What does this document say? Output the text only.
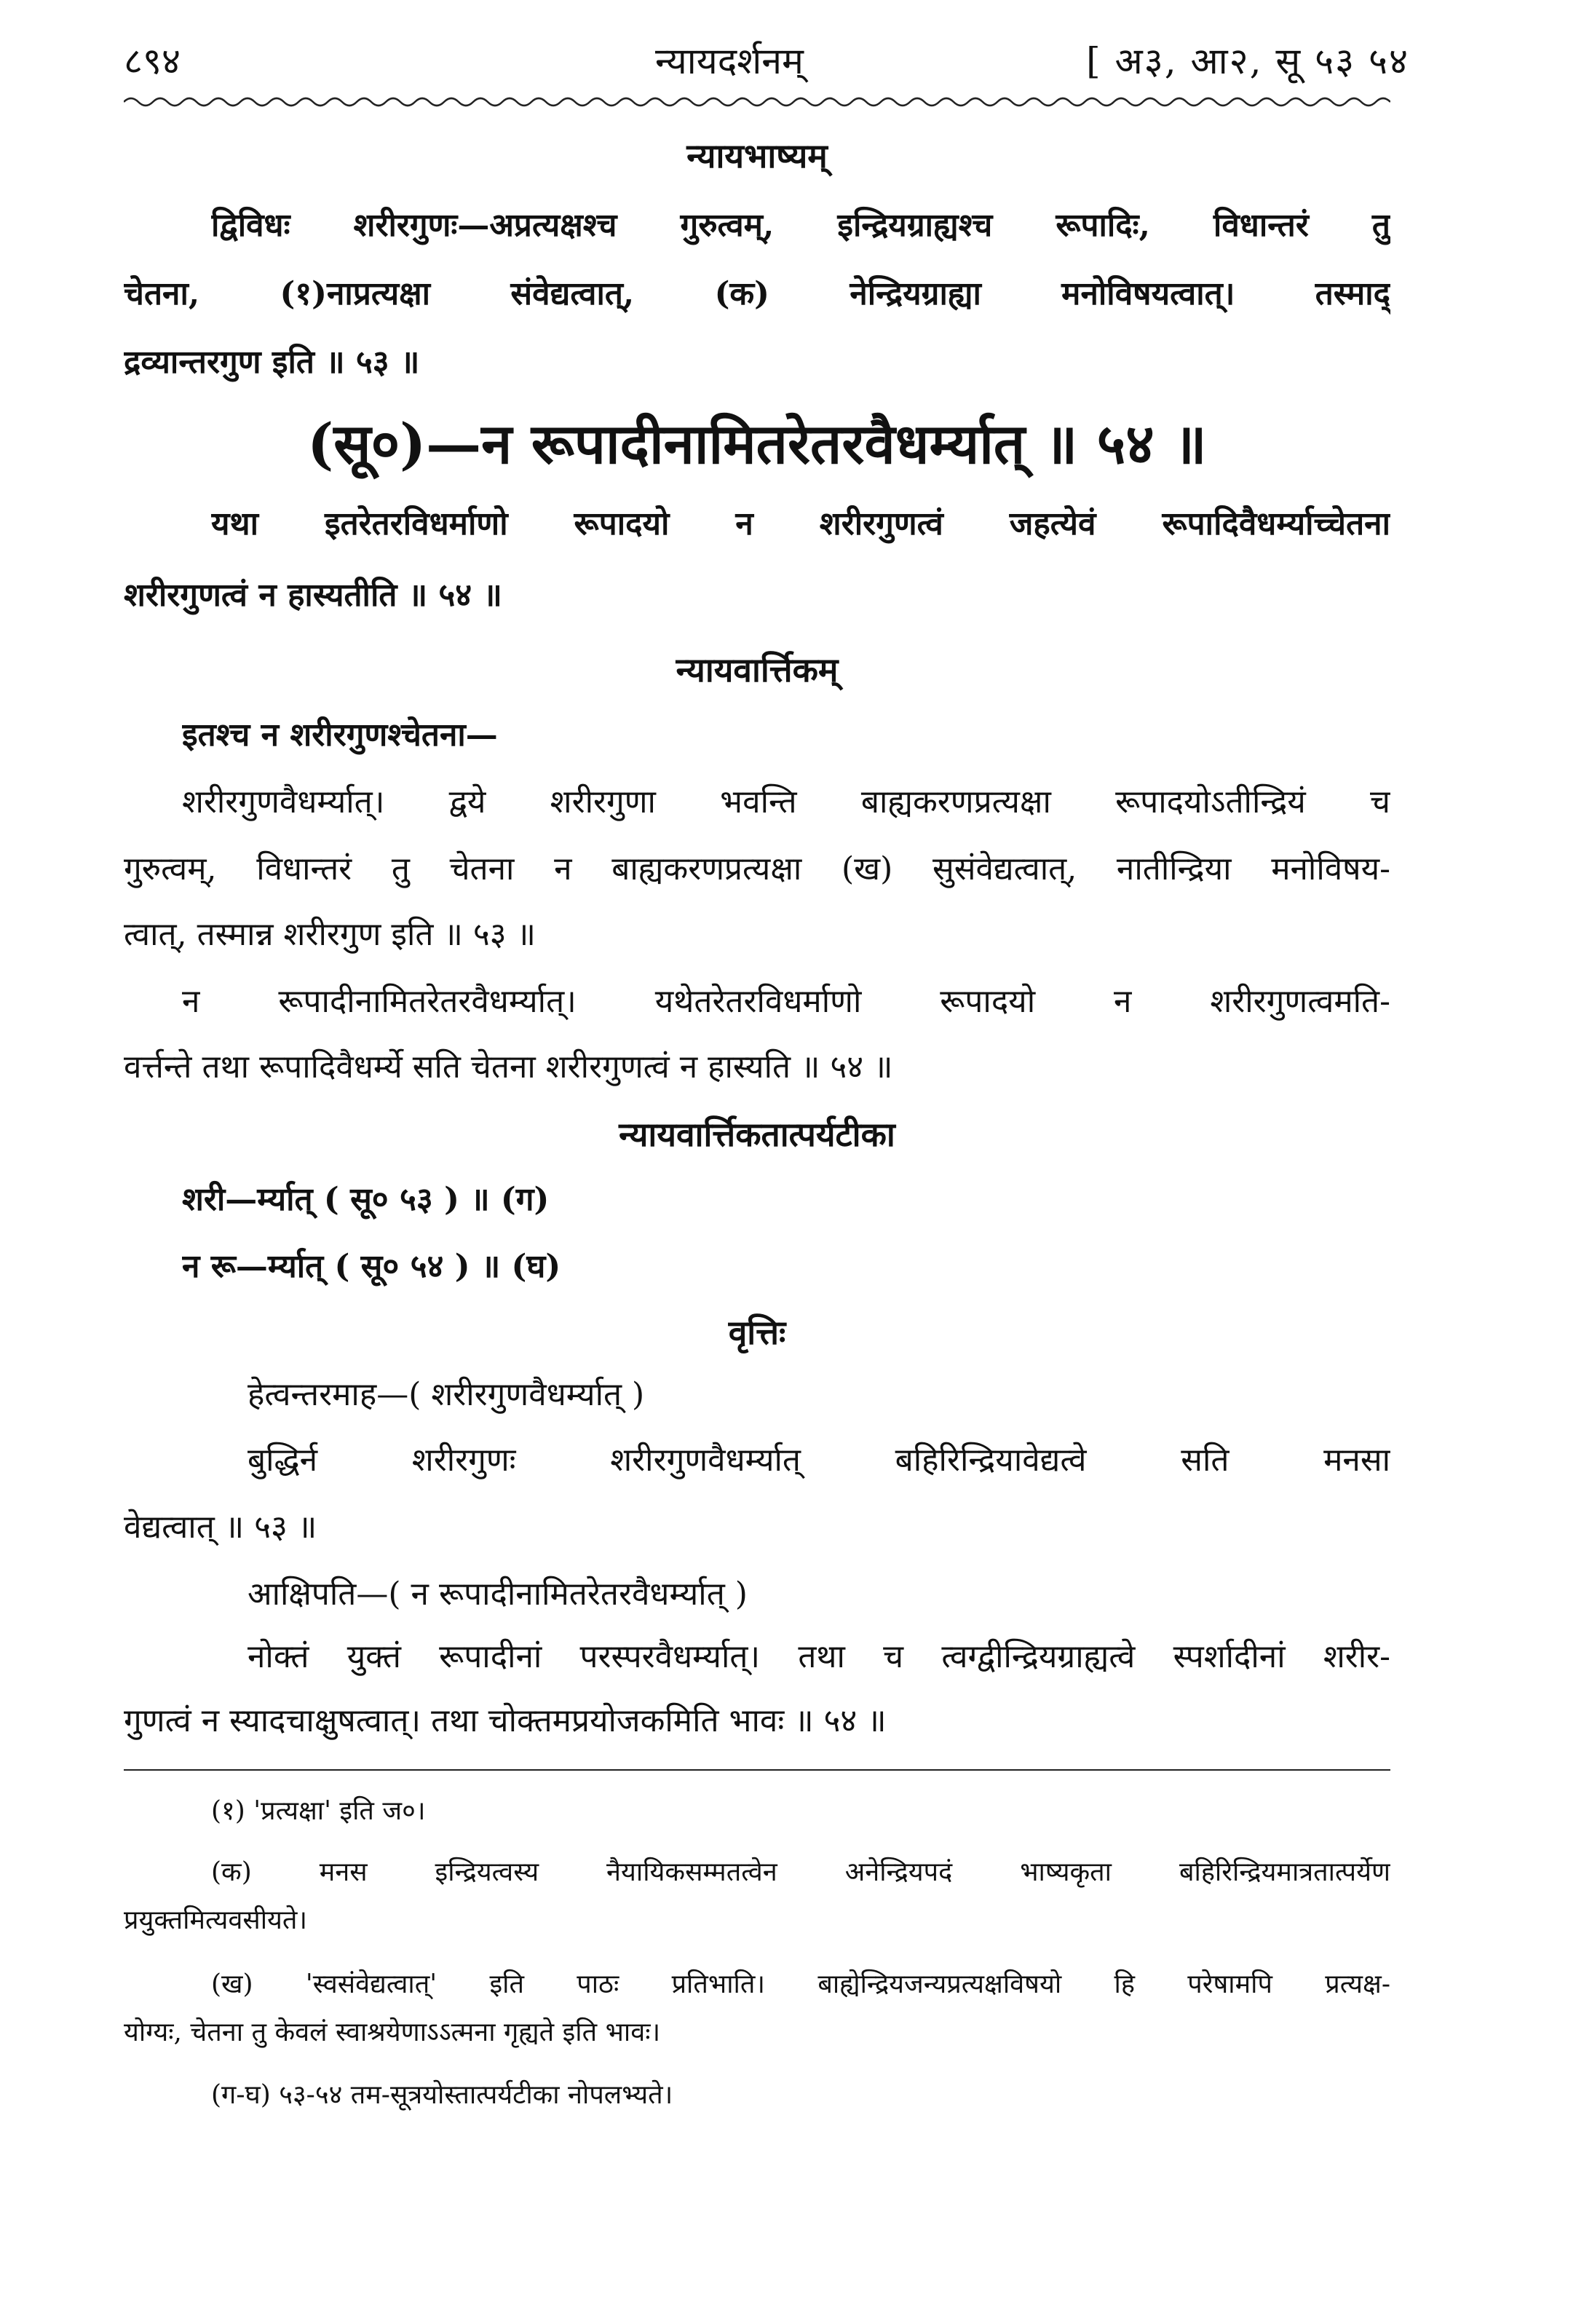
८९४	न्यायदर्शनम्	[ अ३, आ२, सू ५३ ५४
न्यायभाष्यम्
द्विविधः शरीरगुणः—अप्रत्यक्षश्च गुरुत्वम्, इन्द्रियग्राह्यश्च रूपादिः, विधान्तरं तु
चेतना, (१)नाप्रत्यक्षा संवेद्यत्वात्, (क) नेन्द्रियग्राह्या मनोविषयत्वात्। तस्माद्
द्रव्यान्तरगुण इति ॥ ५३ ॥
(सू०)—न रूपादीनामितरेतरवैधर्म्यात् ॥ ५४ ॥
यथा इतरेतरविधर्माणो रूपादयो न शरीरगुणत्वं जहत्येवं रूपादिवैधर्म्याच्चेतना
शरीरगुणत्वं न हास्यतीति ॥ ५४ ॥
न्यायवार्त्तिकम्
इतश्च न शरीरगुणश्चेतना—
शरीरगुणवैधर्म्यात्। द्वये शरीरगुणा भवन्ति बाह्यकरणप्रत्यक्षा रूपादयोऽतीन्द्रियं च
गुरुत्वम्, विधान्तरं तु चेतना न बाह्यकरणप्रत्यक्षा (ख) सुसंवेद्यत्वात्, नातीन्द्रिया मनोविषय-
त्वात्, तस्मान्न शरीरगुण इति ॥ ५३ ॥
न रूपादीनामितरेतरवैधर्म्यात्। यथेतरेतरविधर्माणो रूपादयो न शरीरगुणत्वमति-
वर्त्तन्ते तथा रूपादिवैधर्म्ये सति चेतना शरीरगुणत्वं न हास्यति ॥ ५४ ॥
न्यायवार्त्तिकतात्पर्यटीका
शरी—र्म्यात् ( सू० ५३ ) ॥ (ग)
न रू—र्म्यात् ( सू० ५४ ) ॥ (घ)
वृत्तिः
हेत्वन्तरमाह—( शरीरगुणवैधर्म्यात् )
बुद्धिर्न शरीरगुणः शरीरगुणवैधर्म्यात् बहिरिन्द्रियावेद्यत्वे सति मनसा
वेद्यत्वात् ॥ ५३ ॥
आक्षिपति—( न रूपादीनामितरेतरवैधर्म्यात् )
नोक्तं युक्तं रूपादीनां परस्परवैधर्म्यात्। तथा च त्वग्द्वीन्द्रियग्राह्यत्वे स्पर्शादीनां शरीर-
गुणत्वं न स्यादचाक्षुषत्वात्। तथा चोक्तमप्रयोजकमिति भावः ॥ ५४ ॥
(१) 'प्रत्यक्षा' इति ज०।
(क) मनस इन्द्रियत्वस्य नैयायिकसम्मतत्वेन अनेन्द्रियपदं भाष्यकृता बहिरिन्द्रियमात्रतात्पर्येण
प्रयुक्तमित्यवसीयते।
(ख) 'स्वसंवेद्यत्वात्' इति पाठः प्रतिभाति। बाह्येन्द्रियजन्यप्रत्यक्षविषयो हि परेषामपि प्रत्यक्ष-
योग्यः, चेतना तु केवलं स्वाश्रयेणाऽऽत्मना गृह्यते इति भावः।
(ग-घ) ५३-५४ तम-सूत्रयोस्तात्पर्यटीका नोपलभ्यते।
